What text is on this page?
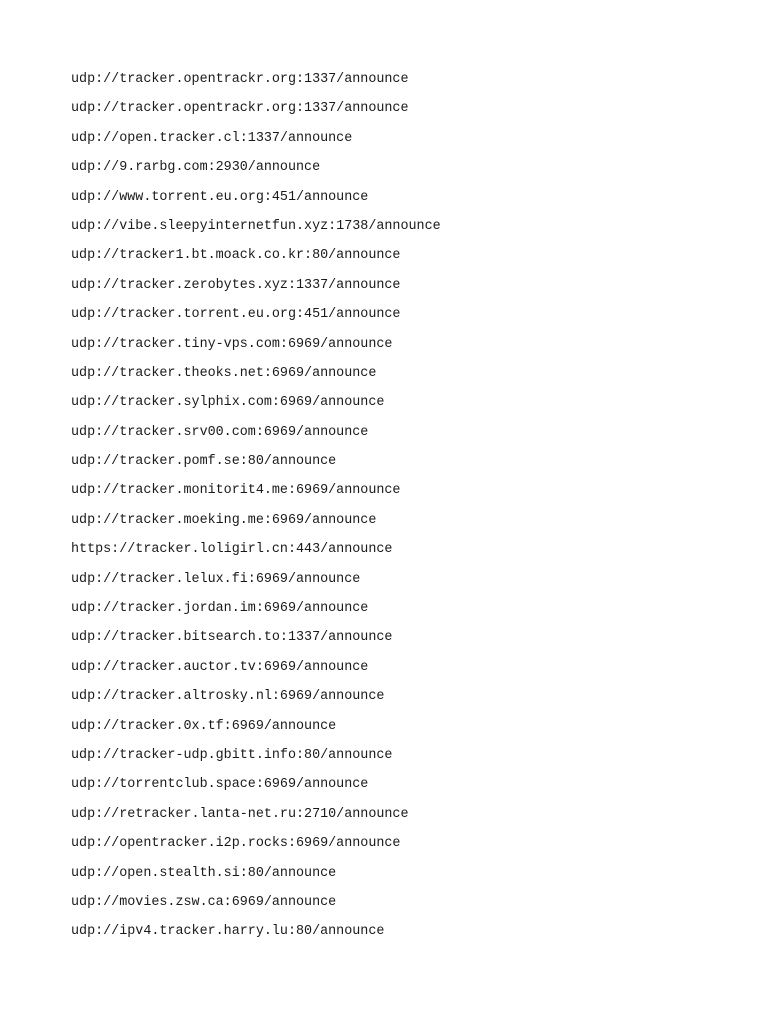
udp://tracker.opentrackr.org:1337/announce
udp://tracker.opentrackr.org:1337/announce
udp://open.tracker.cl:1337/announce
udp://9.rarbg.com:2930/announce
udp://www.torrent.eu.org:451/announce
udp://vibe.sleepyinternetfun.xyz:1738/announce
udp://tracker1.bt.moack.co.kr:80/announce
udp://tracker.zerobytes.xyz:1337/announce
udp://tracker.torrent.eu.org:451/announce
udp://tracker.tiny-vps.com:6969/announce
udp://tracker.theoks.net:6969/announce
udp://tracker.sylphix.com:6969/announce
udp://tracker.srv00.com:6969/announce
udp://tracker.pomf.se:80/announce
udp://tracker.monitorit4.me:6969/announce
udp://tracker.moeking.me:6969/announce
https://tracker.loligirl.cn:443/announce
udp://tracker.lelux.fi:6969/announce
udp://tracker.jordan.im:6969/announce
udp://tracker.bitsearch.to:1337/announce
udp://tracker.auctor.tv:6969/announce
udp://tracker.altrosky.nl:6969/announce
udp://tracker.0x.tf:6969/announce
udp://tracker-udp.gbitt.info:80/announce
udp://torrentclub.space:6969/announce
udp://retracker.lanta-net.ru:2710/announce
udp://opentracker.i2p.rocks:6969/announce
udp://open.stealth.si:80/announce
udp://movies.zsw.ca:6969/announce
udp://ipv4.tracker.harry.lu:80/announce
